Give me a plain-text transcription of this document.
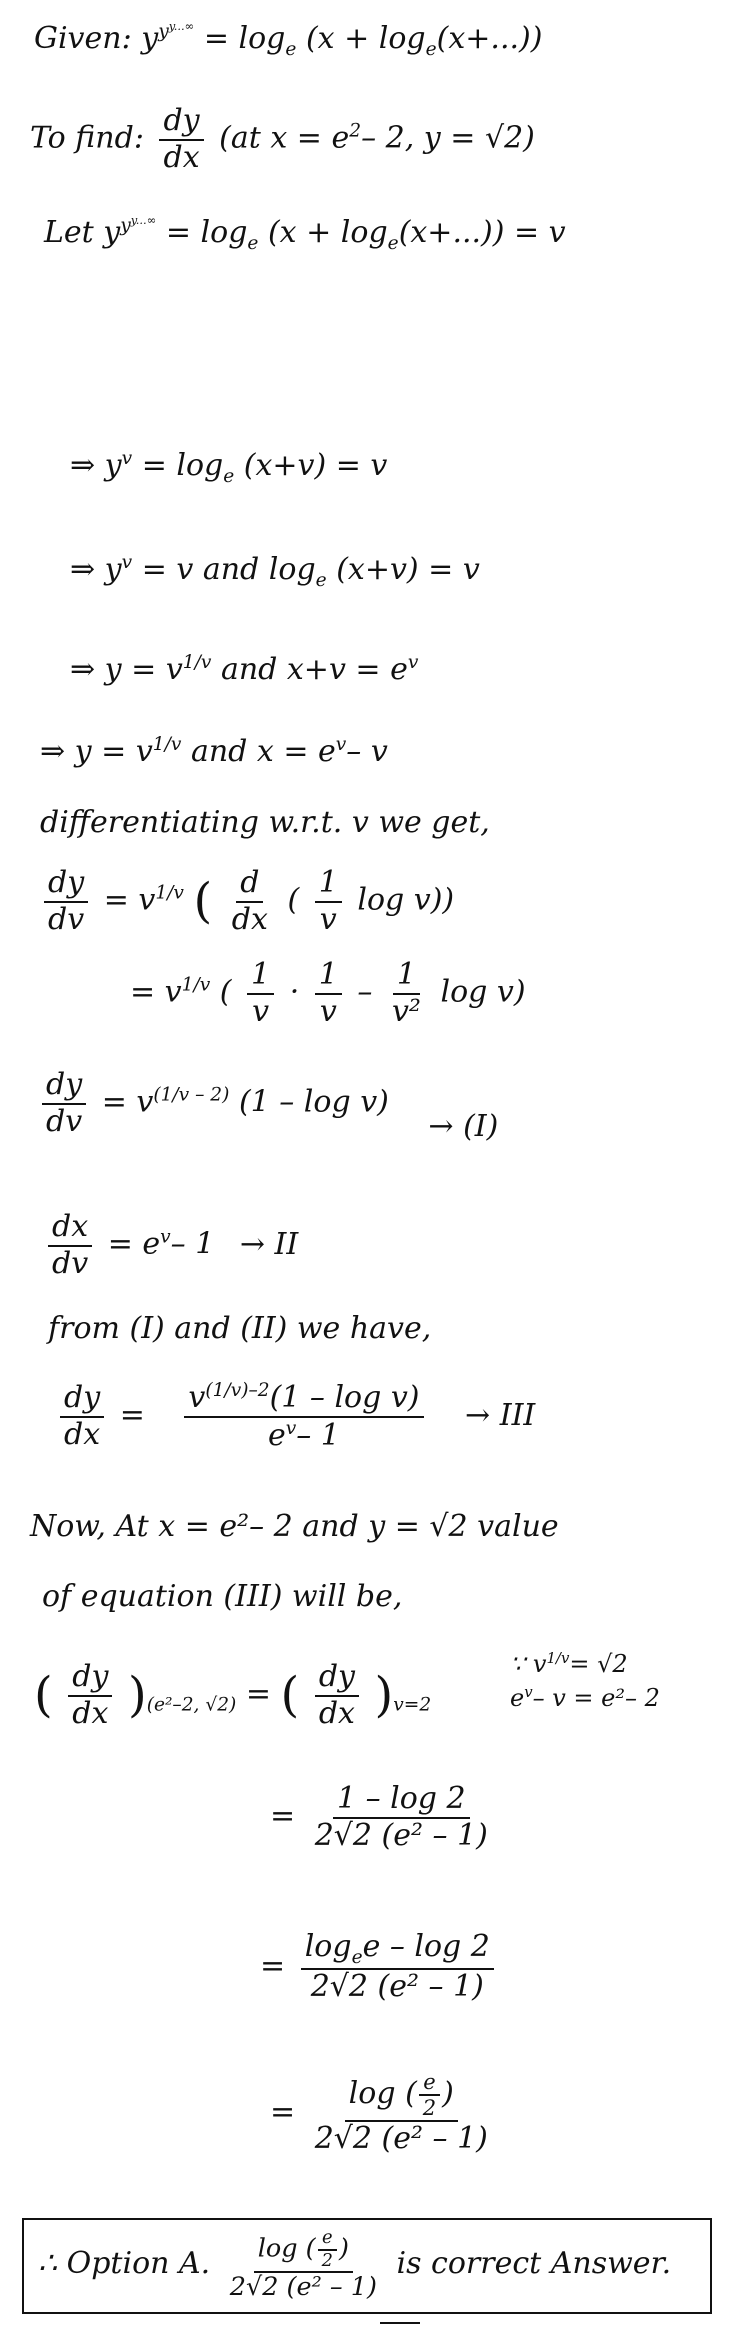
Given: $y^{y^{y...\infty}} = \log_e (x + \log_e(x+...))$
To find: $\frac{dy}{dx} (at$ $x = e^2-$ 2, y = √2)
Let $y^{y^{y...\infty}} = \log_e (x + \log_e(x+...)) = v$
⇒ $y^v = \log_e (x+v) = v$
⇒ $y^v = v$ and $\log_e (x+v) = v$
⇒ $y = v^{1/v}$ and $x+v = e^v$
⇒ $y = v^{1/v}$ and $x = e^v-$ v
differentiating w.r.t. v we get,
$\frac{dy}{dv} = v^{1/v}$ ( $\frac{d}{dx}$ ( $\frac{1}{v}$ log v))
= $v^{1/v}$ ( $\frac{1}{v} \cdot \frac{1}{v} - \frac{1}{\text{v²}}$ log v)
$\frac{dy}{dv} = v^{(1/v - 2)}$ (1 – log v) → (I)
$\frac{dx}{dv} = e^v-$ 1 → II
from (I) and (II) we have,
$\frac{dy}{dx} = \frac{v^{(1/v)-2}(1 - \log v)}{e^v- 1}$ → III
Now, At x = e²– 2 and y = √2 value
of equation (III) will be,
( $\frac{dy}{dx} )_{(e^2-2, √2)}$ = ( $\frac{dy}{dx} )_{v=2}$
∵ $v^{1/v}= √2$
$e^v-$ v = e²– 2
= $\frac{1 - \log 2}{\text{2√2 (e² – 1)}}$
= $\frac{\log_ee - \log 2}{\text{2√2 (e² – 1)}}$
= $\frac{\log ( \frac{e}{2} )}{\text{2√2 (e² – 1)}}$
∴ Option A. $\frac{\log ( \frac{e}{2} )}{\text{2√2 (e² – 1)}}$ is correct Answer.
